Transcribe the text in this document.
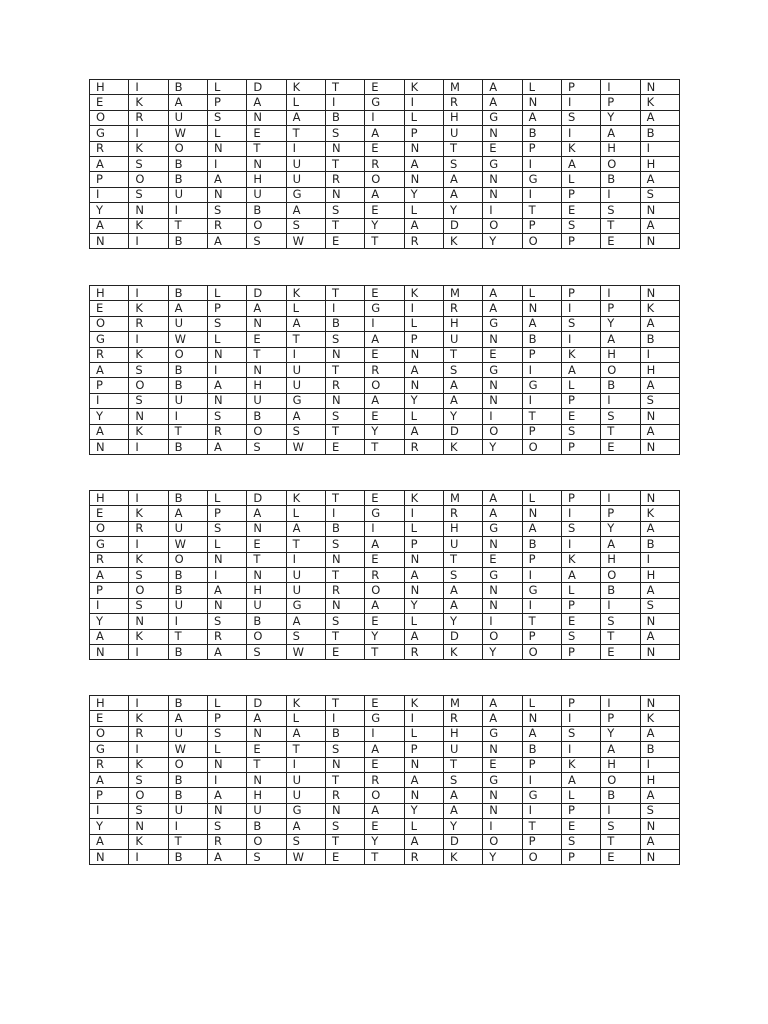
H	I	B	L	D	K	T	E	K	M	A	L	P	I	N
E	K	A	P	A	L	I	G	I	R	A	N	I	P	K
O	R	U	S	N	A	B	I	L	H	G	A	S	Y	A
G	I	W	L	E	T	S	A	P	U	N	B	I	A	B
R	K	O	N	T	I	N	E	N	T	E	P	K	H	I
A	S	B	I	N	U	T	R	A	S	G	I	A	O	H
P	O	B	A	H	U	R	O	N	A	N	G	L	B	A
I	S	U	N	U	G	N	A	Y	A	N	I	P	I	S
Y	N	I	S	B	A	S	E	L	Y	I	T	E	S	N
A	K	T	R	O	S	T	Y	A	D	O	P	S	T	A
N	I	B	A	S	W	E	T	R	K	Y	O	P	E	N
H	I	B	L	D	K	T	E	K	M	A	L	P	I	N
E	K	A	P	A	L	I	G	I	R	A	N	I	P	K
O	R	U	S	N	A	B	I	L	H	G	A	S	Y	A
G	I	W	L	E	T	S	A	P	U	N	B	I	A	B
R	K	O	N	T	I	N	E	N	T	E	P	K	H	I
A	S	B	I	N	U	T	R	A	S	G	I	A	O	H
P	O	B	A	H	U	R	O	N	A	N	G	L	B	A
I	S	U	N	U	G	N	A	Y	A	N	I	P	I	S
Y	N	I	S	B	A	S	E	L	Y	I	T	E	S	N
A	K	T	R	O	S	T	Y	A	D	O	P	S	T	A
N	I	B	A	S	W	E	T	R	K	Y	O	P	E	N
H	I	B	L	D	K	T	E	K	M	A	L	P	I	N
E	K	A	P	A	L	I	G	I	R	A	N	I	P	K
O	R	U	S	N	A	B	I	L	H	G	A	S	Y	A
G	I	W	L	E	T	S	A	P	U	N	B	I	A	B
R	K	O	N	T	I	N	E	N	T	E	P	K	H	I
A	S	B	I	N	U	T	R	A	S	G	I	A	O	H
P	O	B	A	H	U	R	O	N	A	N	G	L	B	A
I	S	U	N	U	G	N	A	Y	A	N	I	P	I	S
Y	N	I	S	B	A	S	E	L	Y	I	T	E	S	N
A	K	T	R	O	S	T	Y	A	D	O	P	S	T	A
N	I	B	A	S	W	E	T	R	K	Y	O	P	E	N
H	I	B	L	D	K	T	E	K	M	A	L	P	I	N
E	K	A	P	A	L	I	G	I	R	A	N	I	P	K
O	R	U	S	N	A	B	I	L	H	G	A	S	Y	A
G	I	W	L	E	T	S	A	P	U	N	B	I	A	B
R	K	O	N	T	I	N	E	N	T	E	P	K	H	I
A	S	B	I	N	U	T	R	A	S	G	I	A	O	H
P	O	B	A	H	U	R	O	N	A	N	G	L	B	A
I	S	U	N	U	G	N	A	Y	A	N	I	P	I	S
Y	N	I	S	B	A	S	E	L	Y	I	T	E	S	N
A	K	T	R	O	S	T	Y	A	D	O	P	S	T	A
N	I	B	A	S	W	E	T	R	K	Y	O	P	E	N
